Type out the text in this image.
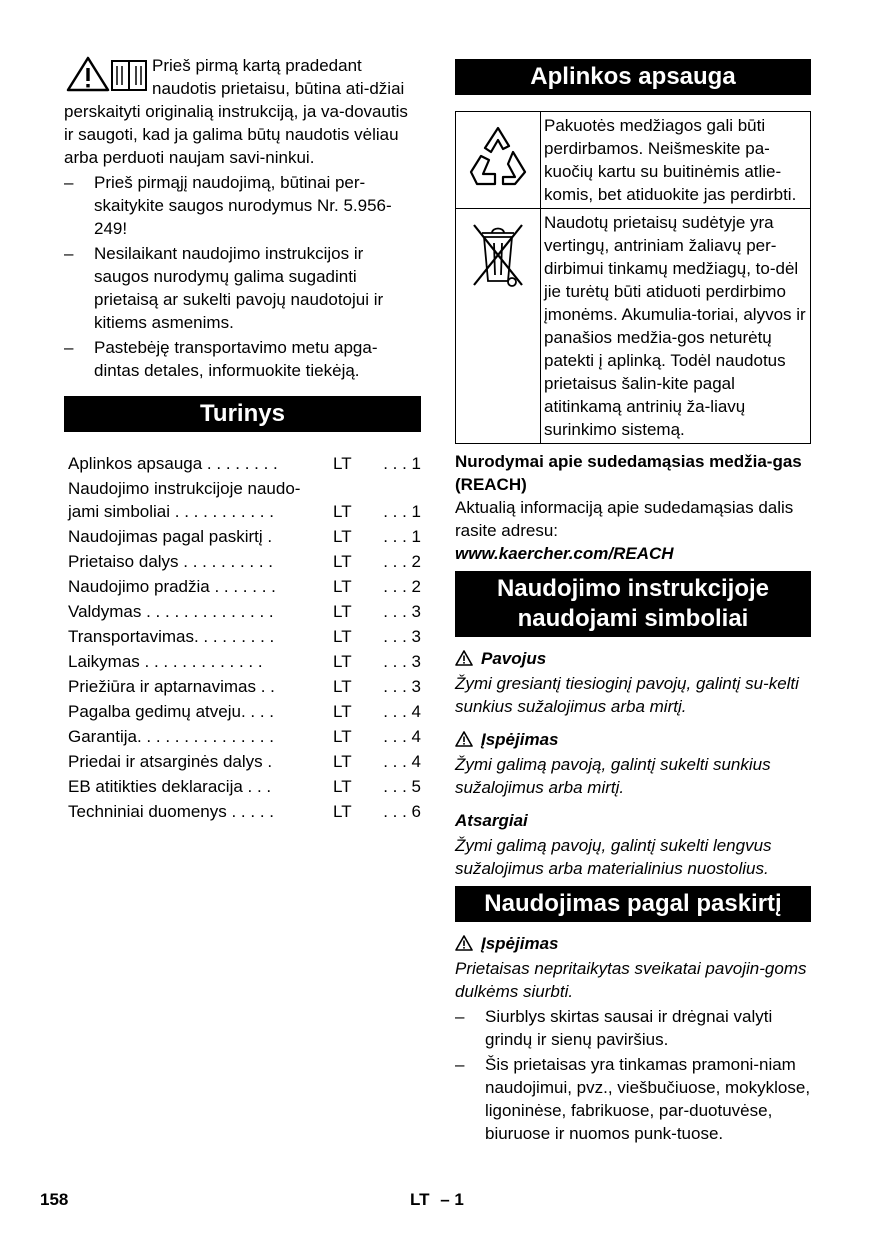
Prieš pirmą kartą pradedant naudotis prietaisu, būtina ati-džiai perskaityti originalią instrukciją, ja va-dovautis ir saugoti, kad ja galima būtų naudotis vėliau arba perduoti naujam savi-ninkui.

– Prieš pirmąjį naudojimą, būtinai per-skaitykite saugos nurodymus Nr. 5.956-249!
– Nesilaikant naudojimo instrukcijos ir saugos nurodymų galima sugadinti prietaisą ar sukelti pavojų naudotojui ir kitiems asmenims.
– Pastebėję transportavimo metu apga-dintas detales, informuokite tiekėją.
Turinys
Aplinkos apsauga . . . . . . . .	LT	. . . 1
Naudojimo instrukcijoje naudo-
jami simboliai . . . . . . . . . . .	LT	. . . 1
Naudojimas pagal paskirtį .	LT	. . . 1
Prietaiso dalys . . . . . . . . . .	LT	. . . 2
Naudojimo pradžia . . . . . . .	LT	. . . 2
Valdymas . . . . . . . . . . . . . .	LT	. . . 3
Transportavimas. . . . . . . . .	LT	. . . 3
Laikymas . . . . . . . . . . . . .	LT	. . . 3
Priežiūra ir aptarnavimas . .	LT	. . . 3
Pagalba gedimų atveju. . . .	LT	. . . 4
Garantija. . . . . . . . . . . . . . .	LT	. . . 4
Priedai ir atsarginės dalys .	LT	. . . 4
EB atitikties deklaracija . . .	LT	. . . 5
Techniniai duomenys . . . . .	LT	. . . 6
Aplinkos apsauga
	Pakuotės medžiagos gali būti perdirbamos. Neišmeskite pa-kuočių kartu su buitinėmis atlie-komis, bet atiduokite jas perdirbti.
	Naudotų prietaisų sudėtyje yra vertingų, antriniam žaliavų per-dirbimui tinkamų medžiagų, to-dėl jie turėtų būti atiduoti perdirbimo įmonėms. Akumulia-toriai, alyvos ir panašios medžia-gos neturėtų patekti į aplinką. Todėl naudotus prietaisus šalin-kite pagal atitinkamą antrinių ža-liavų surinkimo sistemą.

Nurodymai apie sudedamąsias medžia-gas (REACH)

Aktualią informaciją apie sudedamąsias dalis rasite adresu:

www.kaercher.com/REACH

Naudojimo instrukcijoje naudojami simboliai
Pavojus

Žymi gresiantį tiesioginį pavojų, galintį su-kelti sunkius sužalojimus arba mirtį.

Įspėjimas

Žymi galimą pavoją, galintį sukelti sunkius sužalojimus arba mirtį.

Atsargiai

Žymi galimą pavojų, galintį sukelti lengvus sužalojimus arba materialinius nuostolius.

Naudojimas pagal paskirtį
Įspėjimas

Prietaisas nepritaikytas sveikatai pavojin-goms dulkėms siurbti.

– Siurblys skirtas sausai ir drėgnai valyti grindų ir sienų paviršius.
– Šis prietaisas yra tinkamas pramoni-niam naudojimui, pvz., viešbučiuose, mokyklose, ligoninėse, fabrikuose, par-duotuvėse, biuruose ir nuomos punk-tuose.
158	LT – 1
